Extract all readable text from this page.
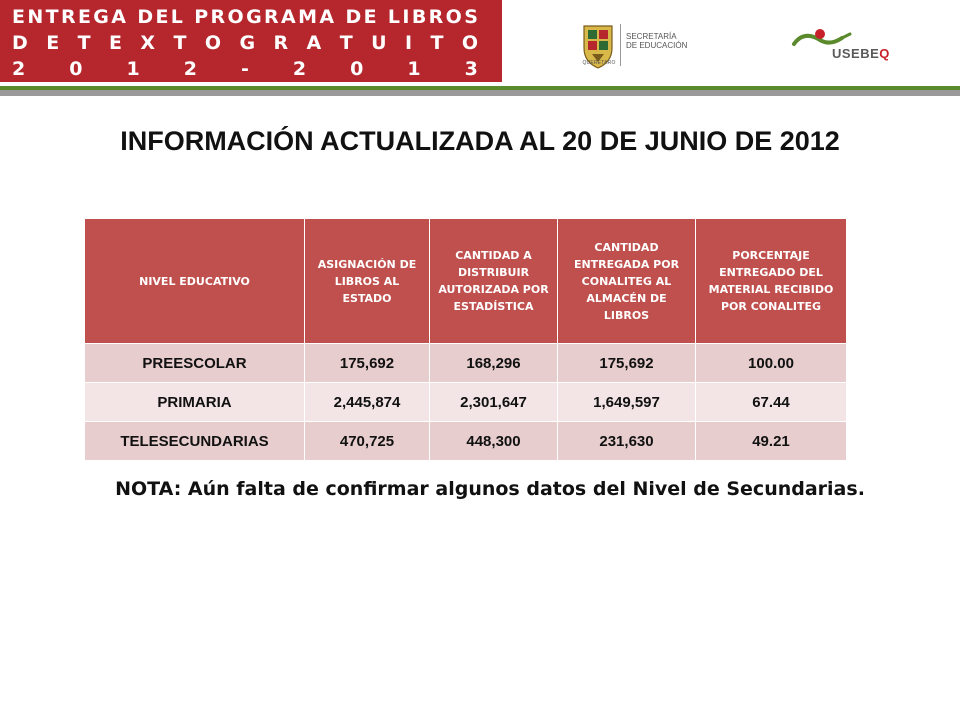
E N T R E G A
D E L
P R O G R A M A
D E
L I B R O S
D E T E X T O G R A T U I T O
2 0 1 2 - 2 0 1 3	QUERÉTARO
SECRETARÍA
DE EDUCACIÓN
USEBEQ
INFORMACIÓN ACTUALIZADA AL 20 DE JUNIO DE 2012
NIVEL EDUCATIVO	ASIGNACIÓN DE LIBROS AL ESTADO	CANTIDAD A DISTRIBUIR AUTORIZADA POR ESTADÍSTICA	CANTIDAD ENTREGADA POR CONALITEG AL ALMACÉN DE LIBROS	PORCENTAJE ENTREGADO DEL MATERIAL RECIBIDO POR CONALITEG
PREESCOLAR	175,692	168,296	175,692	100.00
PRIMARIA	2,445,874	2,301,647	1,649,597	67.44
TELESECUNDARIAS	470,725	448,300	231,630	49.21
NOTA: Aún falta de confirmar algunos datos del Nivel de Secundarias.
